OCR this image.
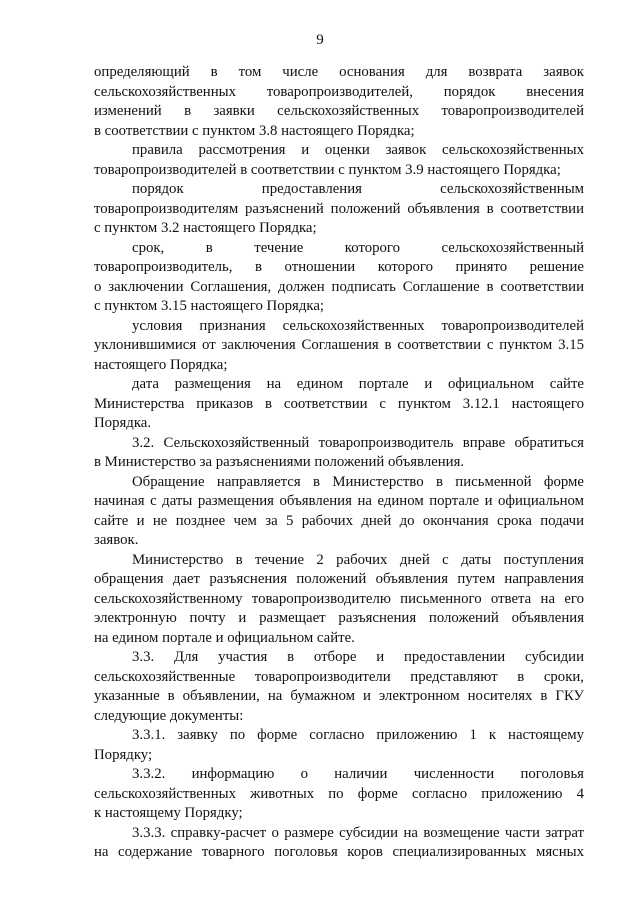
9
определяющий в том числе основания для возврата заявок
сельскохозяйственных товаропроизводителей, порядок внесения
изменений в заявки сельскохозяйственных товаропроизводителей
в соответствии с пунктом 3.8 настоящего Порядка;
правила рассмотрения и оценки заявок сельскохозяйственных
товаропроизводителей в соответствии с пунктом 3.9 настоящего Порядка;
порядок предоставления сельскохозяйственным
товаропроизводителям разъяснений положений объявления в соответствии
с пунктом 3.2 настоящего Порядка;
срок, в течение которого сельскохозяйственный
товаропроизводитель, в отношении которого принято решение
о заключении Соглашения, должен подписать Соглашение в соответствии
с пунктом 3.15 настоящего Порядка;
условия признания сельскохозяйственных товаропроизводителей
уклонившимися от заключения Соглашения в соответствии с пунктом 3.15
настоящего Порядка;
дата размещения на едином портале и официальном сайте
Министерства приказов в соответствии с пунктом 3.12.1 настоящего
Порядка.
3.2. Сельскохозяйственный товаропроизводитель вправе обратиться
в Министерство за разъяснениями положений объявления.
Обращение направляется в Министерство в письменной форме
начиная с даты размещения объявления на едином портале и официальном
сайте и не позднее чем за 5 рабочих дней до окончания срока подачи
заявок.
Министерство в течение 2 рабочих дней с даты поступления
обращения дает разъяснения положений объявления путем направления
сельскохозяйственному товаропроизводителю письменного ответа на его
электронную почту и размещает разъяснения положений объявления
на едином портале и официальном сайте.
3.3. Для участия в отборе и предоставлении субсидии
сельскохозяйственные товаропроизводители представляют в сроки,
указанные в объявлении, на бумажном и электронном носителях в ГКУ
следующие документы:
3.3.1. заявку по форме согласно приложению 1 к настоящему
Порядку;
3.3.2. информацию о наличии численности поголовья
сельскохозяйственных животных по форме согласно приложению 4
к настоящему Порядку;
3.3.3. справку-расчет о размере субсидии на возмещение части затрат
на содержание товарного поголовья коров специализированных мясных
